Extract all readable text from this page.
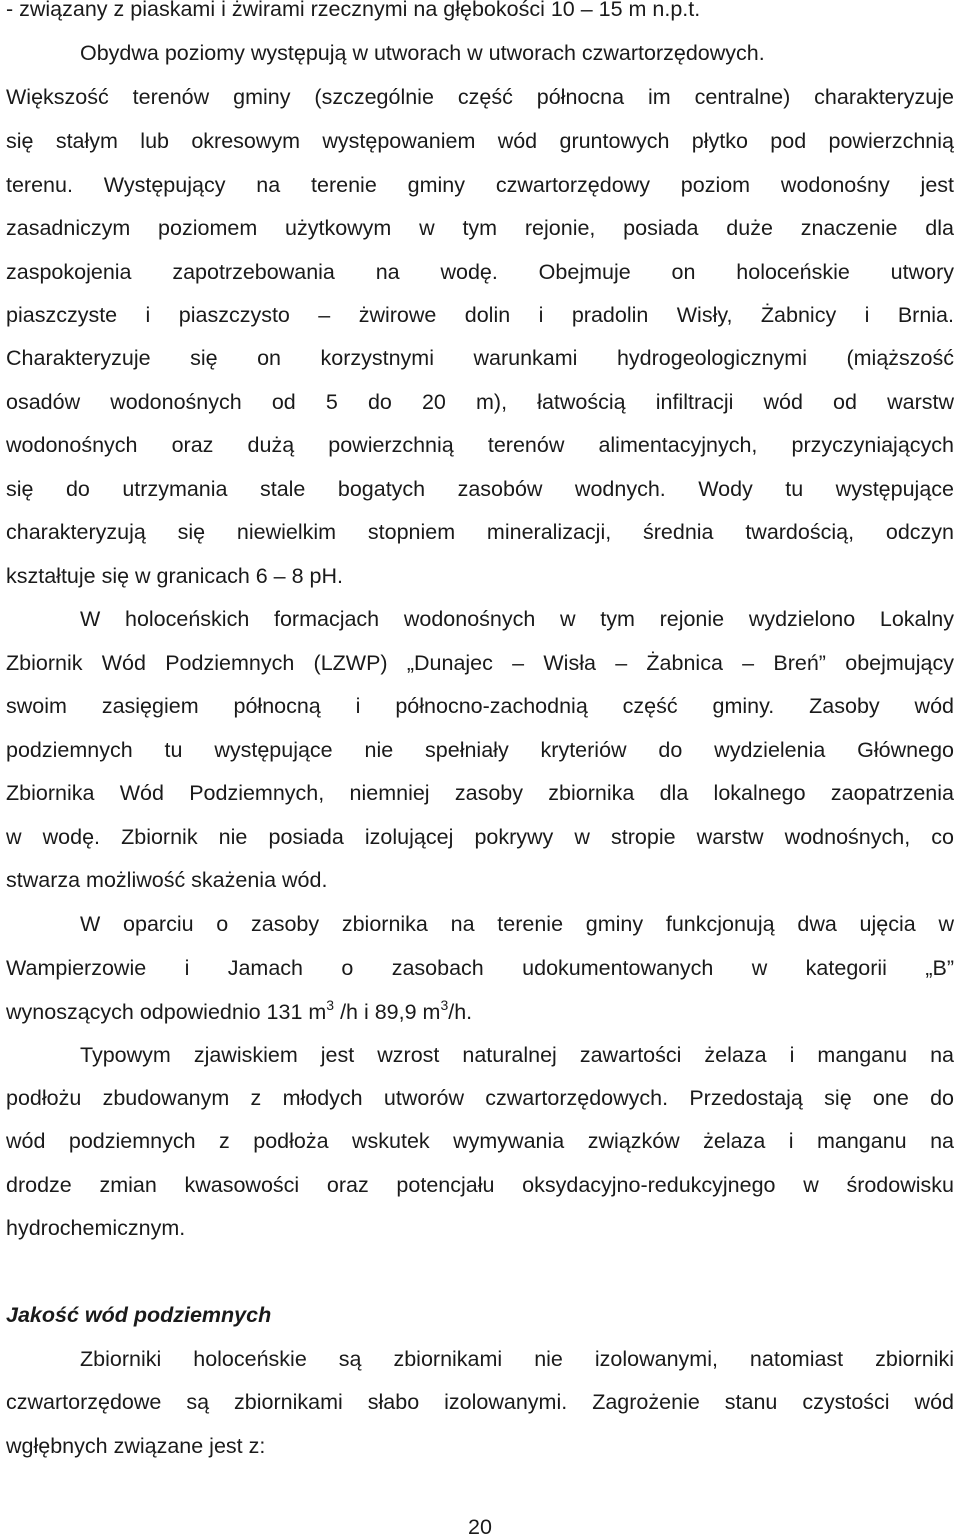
- związany z piaskami i żwirami rzecznymi na głębokości 10 – 15 m n.p.t.
Obydwa poziomy występują w utworach w utworach czwartorzędowych.
Większość terenów gminy (szczególnie część północna im centralne) charakteryzuje
się stałym lub okresowym występowaniem wód gruntowych płytko pod powierzchnią
terenu. Występujący na terenie gminy czwartorzędowy poziom wodonośny jest
zasadniczym poziomem użytkowym w tym rejonie, posiada duże znaczenie dla
zaspokojenia zapotrzebowania na wodę. Obejmuje on holoceńskie utwory
piaszczyste i piaszczysto – żwirowe dolin i pradolin Wisły, Żabnicy i Brnia.
Charakteryzuje się on korzystnymi warunkami hydrogeologicznymi (miąższość
osadów wodonośnych od 5 do 20 m), łatwością infiltracji wód od warstw
wodonośnych oraz dużą powierzchnią terenów alimentacyjnych, przyczyniających
się do utrzymania stale bogatych zasobów wodnych. Wody tu występujące
charakteryzują się niewielkim stopniem mineralizacji, średnia twardością, odczyn
kształtuje się w granicach 6 – 8 pH.
W holoceńskich formacjach wodonośnych w tym rejonie wydzielono Lokalny
Zbiornik Wód Podziemnych (LZWP) „Dunajec – Wisła – Żabnica – Breń” obejmujący
swoim zasięgiem północną i północno-zachodnią część gminy. Zasoby wód
podziemnych tu występujące nie spełniały kryteriów do wydzielenia Głównego
Zbiornika Wód Podziemnych, niemniej zasoby zbiornika dla lokalnego zaopatrzenia
w wodę. Zbiornik nie posiada izolującej pokrywy w stropie warstw wodnośnych, co
stwarza możliwość skażenia wód.
W oparciu o zasoby zbiornika na terenie gminy funkcjonują dwa ujęcia w
Wampierzowie i Jamach o zasobach udokumentowanych w kategorii „B”
wynoszących odpowiednio 131 $m^3$ /h i 89,9 $m^3/h$.
Typowym zjawiskiem jest wzrost naturalnej zawartości żelaza i manganu na
podłożu zbudowanym z młodych utworów czwartorzędowych. Przedostają się one do
wód podziemnych z podłoża wskutek wymywania związków żelaza i manganu na
drodze zmian kwasowości oraz potencjału oksydacyjno-redukcyjnego w środowisku
hydrochemicznym.
Jakość wód podziemnych
Zbiorniki holoceńskie są zbiornikami nie izolowanymi, natomiast zbiorniki
czwartorzędowe są zbiornikami słabo izolowanymi. Zagrożenie stanu czystości wód
wgłębnych związane jest z:
20
